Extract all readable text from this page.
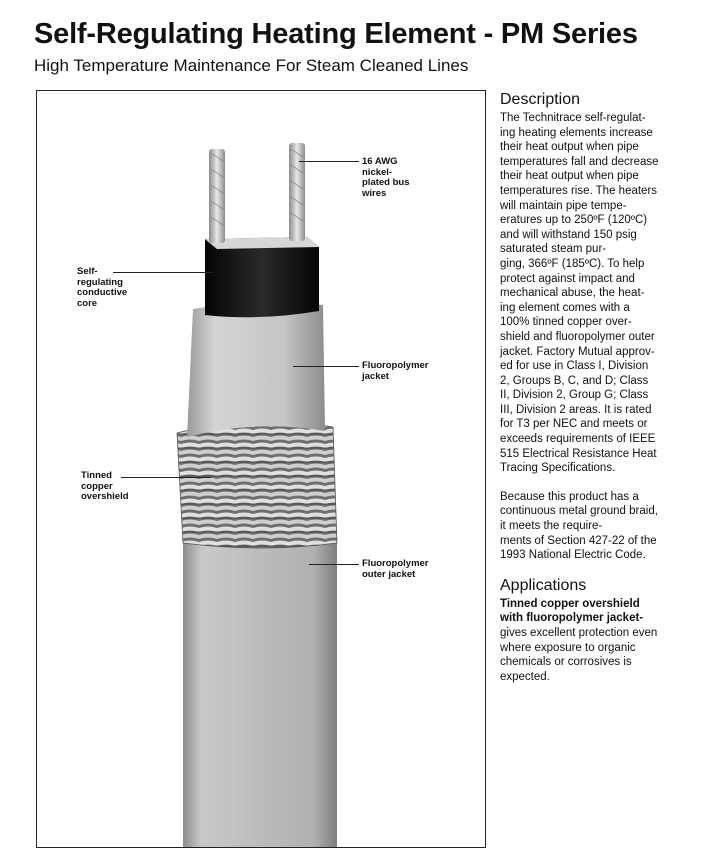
Self-Regulating Heating Element - PM Series
High Temperature Maintenance For Steam Cleaned Lines
16 AWG
nickel-
plated bus
wires
Self-
regulating
conductive
core
Fluoropolymer
jacket
Tinned
copper
overshield
Fluoropolymer
outer jacket
Description

The Technitrace self-regulat-
ing heating elements increase
their heat output when pipe
temperatures fall and decrease
their heat output when pipe
temperatures rise. The heaters
will maintain pipe tempe-
eratures up to 250ºF (120ºC)
and will withstand 150 psig
saturated steam pur-
ging, 366ºF (185ºC). To help
protect against impact and
mechanical abuse, the heat-
ing element comes with a
100% tinned copper over-
shield and fluoropolymer outer
jacket. Factory Mutual approv-
ed for use in Class I, Division
2, Groups B, C, and D; Class
II, Division 2, Group G; Class
III, Division 2 areas. It is rated
for T3 per NEC and meets or
exceeds requirements of IEEE
515 Electrical Resistance Heat
Tracing Specifications.

Because this product has a
continuous metal ground braid,
it meets the require-
ments of Section 427-22 of the
1993 National Electric Code.

Applications

Tinned copper overshield
with fluoropolymer jacket-
gives excellent protection even
where exposure to organic
chemicals or corrosives is
expected.
